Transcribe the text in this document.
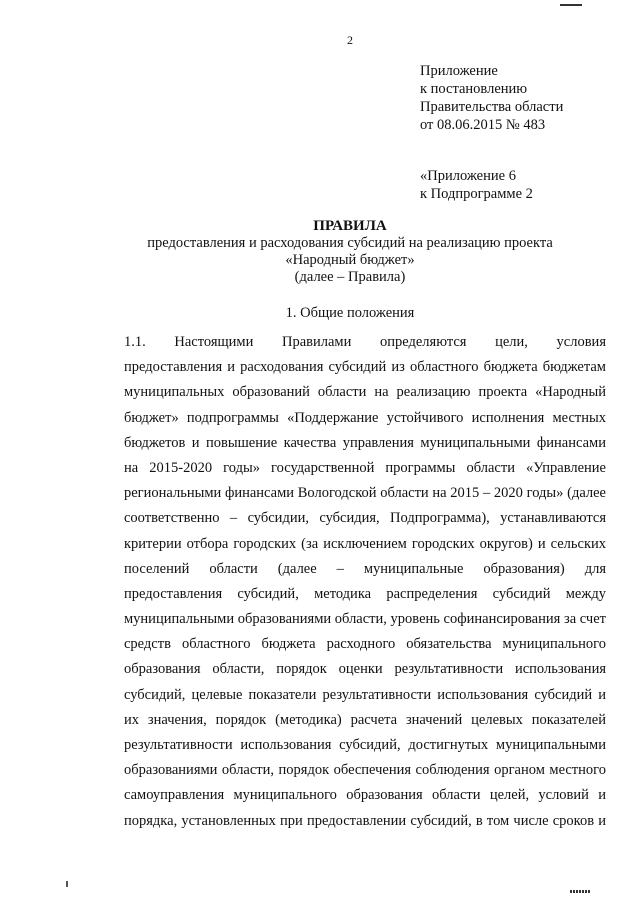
2
Приложение
к постановлению
Правительства области
от 08.06.2015 № 483
«Приложение 6
к Подпрограмме 2
ПРАВИЛА
предоставления и расходования субсидий на реализацию проекта
«Народный бюджет»
(далее – Правила)
1. Общие положения
1.1. Настоящими Правилами определяются цели, условия
предоставления и расходования субсидий из областного бюджета бюджетам
муниципальных образований области на реализацию проекта «Народный
бюджет» подпрограммы «Поддержание устойчивого исполнения местных
бюджетов и повышение качества управления муниципальными финансами
на 2015-2020 годы» государственной программы области «Управление
региональными финансами Вологодской области на 2015 – 2020 годы» (далее
соответственно – субсидии, субсидия, Подпрограмма), устанавливаются
критерии отбора городских (за исключением городских округов) и сельских
поселений области (далее – муниципальные образования) для
предоставления субсидий, методика распределения субсидий между
муниципальными образованиями области, уровень софинансирования за счет
средств областного бюджета расходного обязательства муниципального
образования области, порядок оценки результативности использования
субсидий, целевые показатели результативности использования субсидий и
их значения, порядок (методика) расчета значений целевых показателей
результативности использования субсидий, достигнутых муниципальными
образованиями области, порядок обеспечения соблюдения органом местного
самоуправления муниципального образования области целей, условий и
порядка, установленных при предоставлении субсидий, в том числе сроков и
